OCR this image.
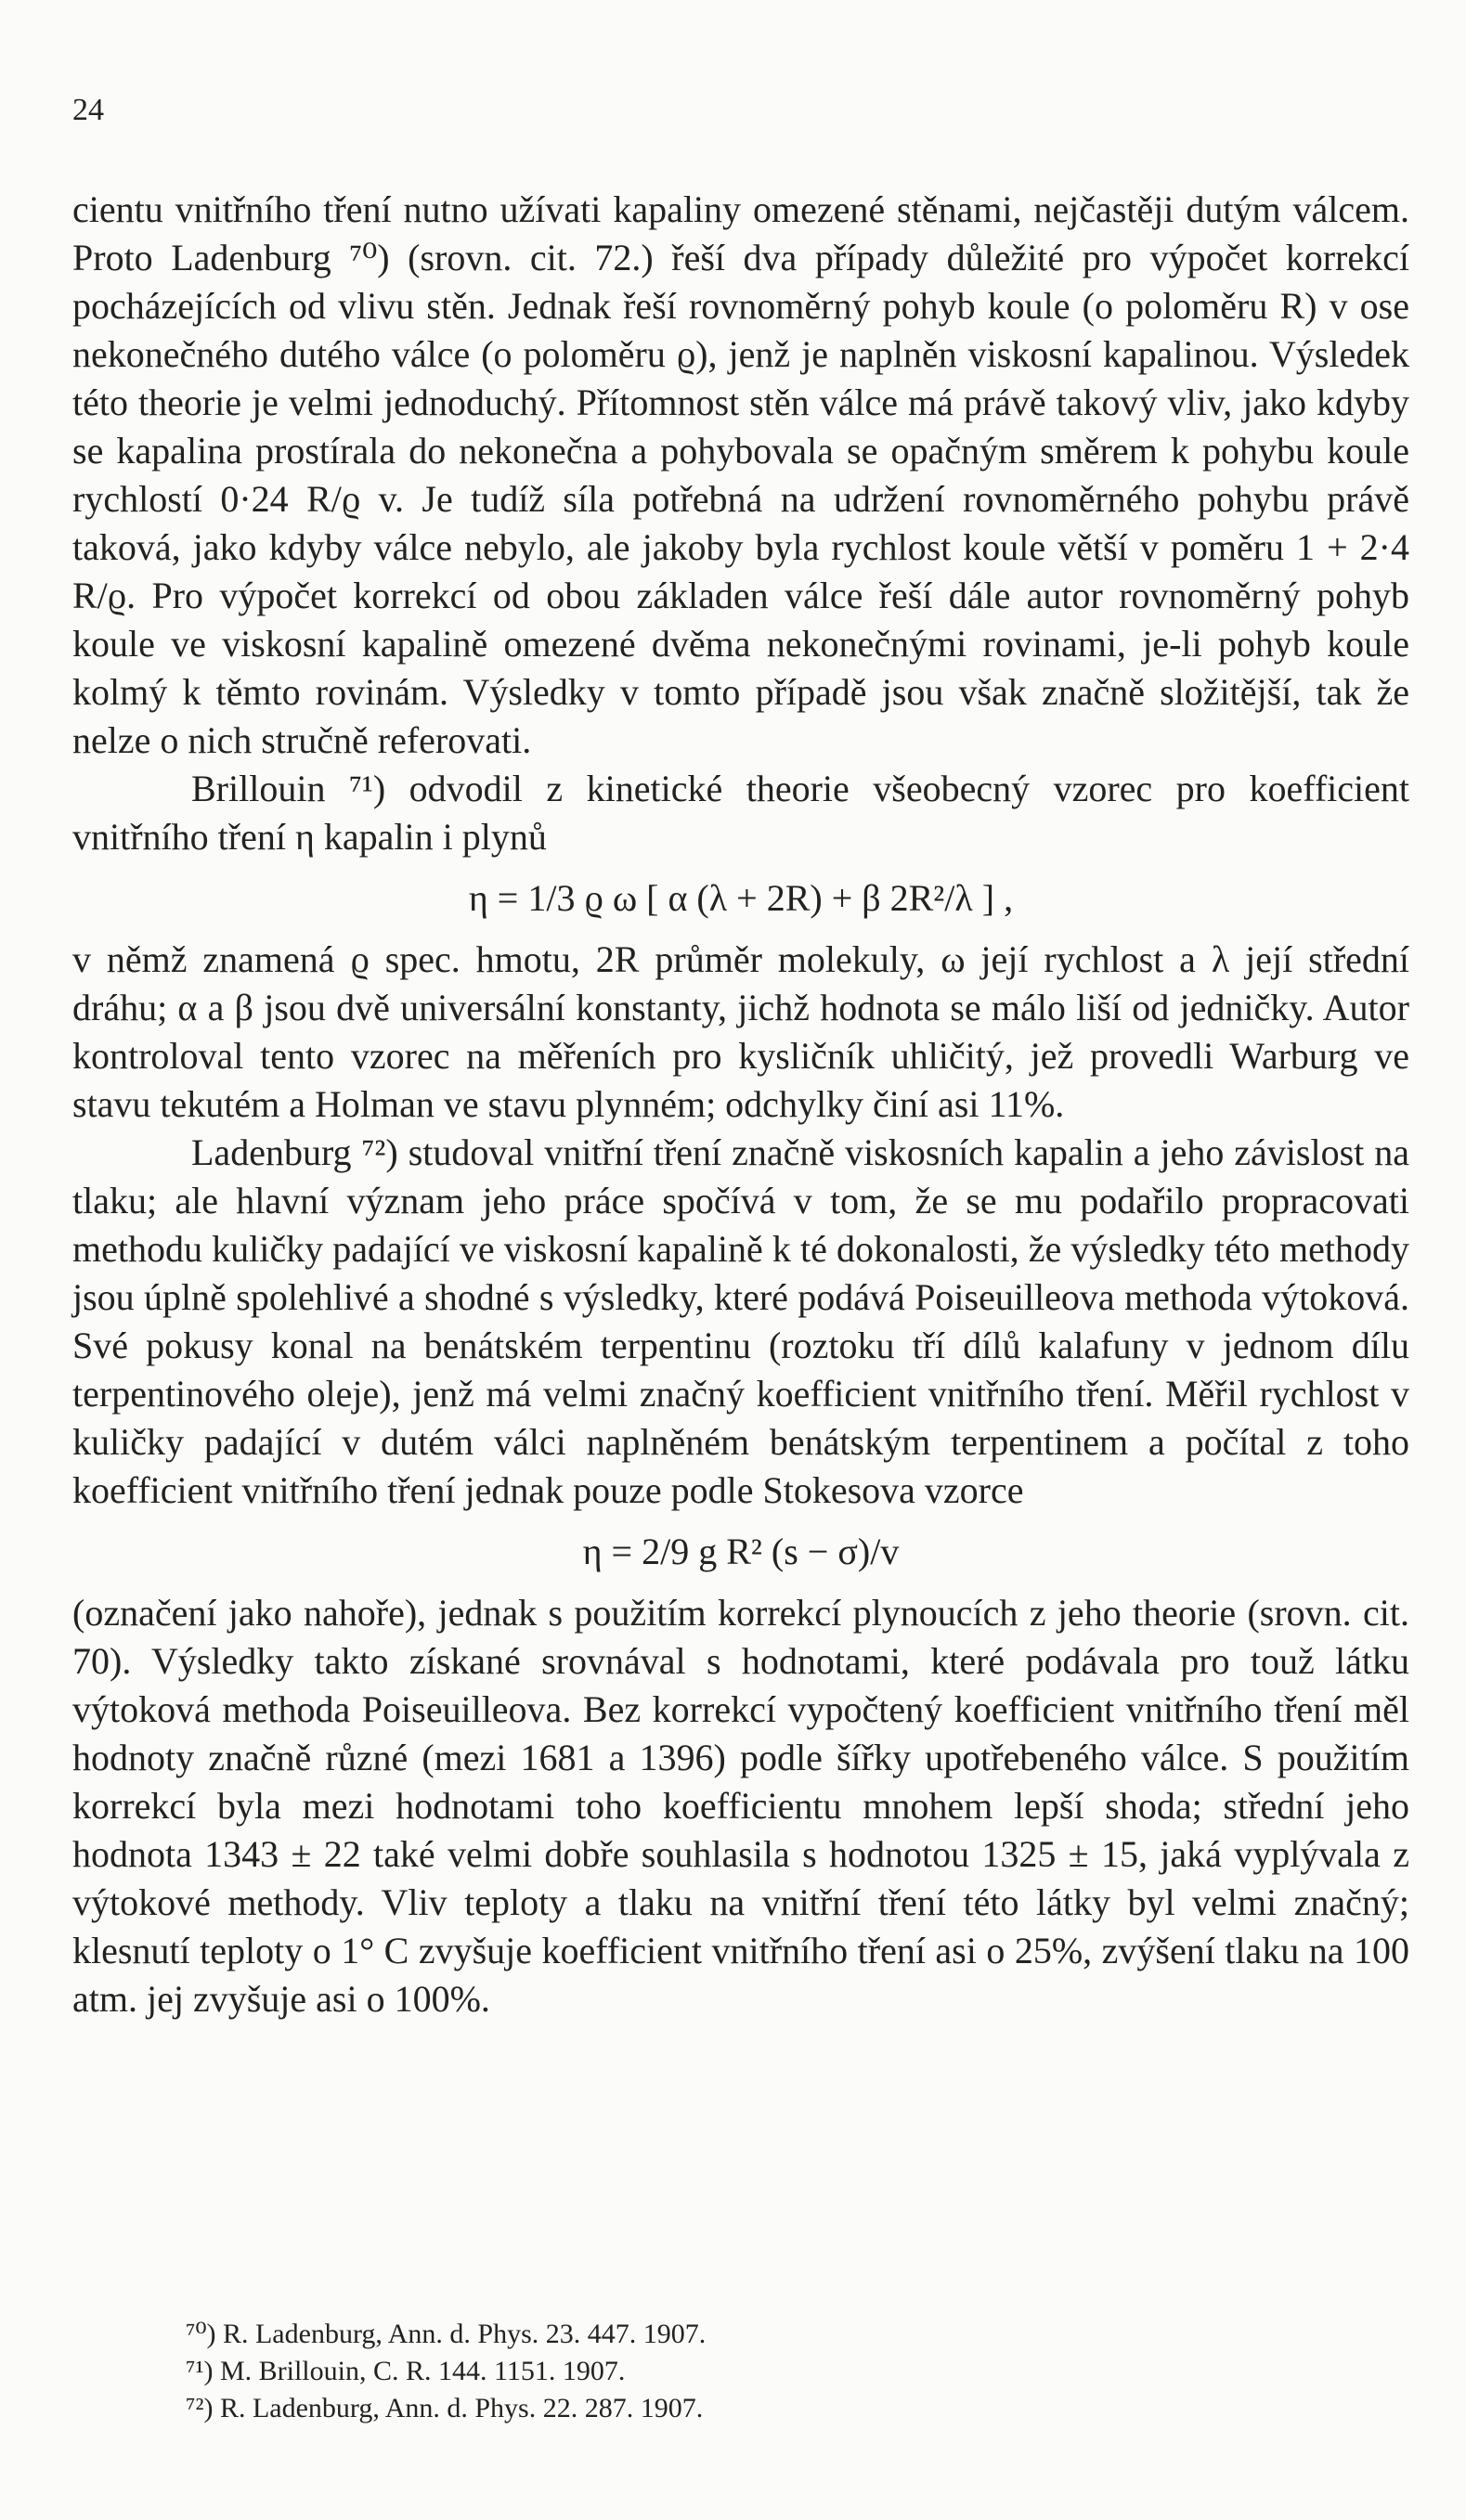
24

cientu vnitřního tření nutno užívati kapaliny omezené stěnami, nejčastěji dutým válcem. Proto Ladenburg ⁷⁰) (srovn. cit. 72.) řeší dva případy důležité pro výpočet korrekcí pocházejících od vlivu stěn. Jednak řeší rovnoměrný pohyb koule (o poloměru R) v ose nekonečného dutého válce (o poloměru ϱ), jenž je naplněn viskosní kapalinou. Výsledek této theorie je velmi jednoduchý. Přítomnost stěn válce má právě takový vliv, jako kdyby se kapalina prostírala do nekonečna a pohybovala se opačným směrem k pohybu koule rychlostí 0·24 R/ϱ v. Je tudíž síla potřebná na udržení rovnoměrného pohybu právě taková, jako kdyby válce nebylo, ale jakoby byla rychlost koule větší v poměru 1 + 2·4 R/ϱ. Pro výpočet korrekcí od obou základen válce řeší dále autor rovnoměrný pohyb koule ve viskosní kapalině omezené dvěma nekonečnými rovinami, je-li pohyb koule kolmý k těmto rovinám. Výsledky v tomto případě jsou však značně složitější, tak že nelze o nich stručně referovati.

Brillouin ⁷¹) odvodil z kinetické theorie všeobecný vzorec pro koefficient vnitřního tření η kapalin i plynů

η = 1/3 ϱ ω [ α (λ + 2R) + β 2R²/λ ] ,

v němž znamená ϱ spec. hmotu, 2R průměr molekuly, ω její rychlost a λ její střední dráhu; α a β jsou dvě universální konstanty, jichž hodnota se málo liší od jedničky. Autor kontroloval tento vzorec na měřeních pro kysličník uhličitý, jež provedli Warburg ve stavu tekutém a Holman ve stavu plynném; odchylky činí asi 11%.

Ladenburg ⁷²) studoval vnitřní tření značně viskosních kapalin a jeho závislost na tlaku; ale hlavní význam jeho práce spočívá v tom, že se mu podařilo propracovati methodu kuličky padající ve viskosní kapalině k té dokonalosti, že výsledky této methody jsou úplně spolehlivé a shodné s výsledky, které podává Poiseuilleova methoda výtoková. Své pokusy konal na benátském terpentinu (roztoku tří dílů kalafuny v jednom dílu terpentinového oleje), jenž má velmi značný koefficient vnitřního tření. Měřil rychlost v kuličky padající v dutém válci naplněném benátským terpentinem a počítal z toho koefficient vnitřního tření jednak pouze podle Stokesova vzorce

η = 2/9 g R² (s − σ)/v

(označení jako nahoře), jednak s použitím korrekcí plynoucích z jeho theorie (srovn. cit. 70). Výsledky takto získané srovnával s hodnotami, které podávala pro touž látku výtoková methoda Poiseuilleova. Bez korrekcí vypočtený koefficient vnitřního tření měl hodnoty značně různé (mezi 1681 a 1396) podle šířky upotřebeného válce. S použitím korrekcí byla mezi hodnotami toho koefficientu mnohem lepší shoda; střední jeho hodnota 1343 ± 22 také velmi dobře souhlasila s hodnotou 1325 ± 15, jaká vyplývala z výtokové methody. Vliv teploty a tlaku na vnitřní tření této látky byl velmi značný; klesnutí teploty o 1° C zvyšuje koefficient vnitřního tření asi o 25%, zvýšení tlaku na 100 atm. jej zvyšuje asi o 100%.

⁷⁰) R. Ladenburg, Ann. d. Phys. 23. 447. 1907.
⁷¹) M. Brillouin, C. R. 144. 1151. 1907.
⁷²) R. Ladenburg, Ann. d. Phys. 22. 287. 1907.
